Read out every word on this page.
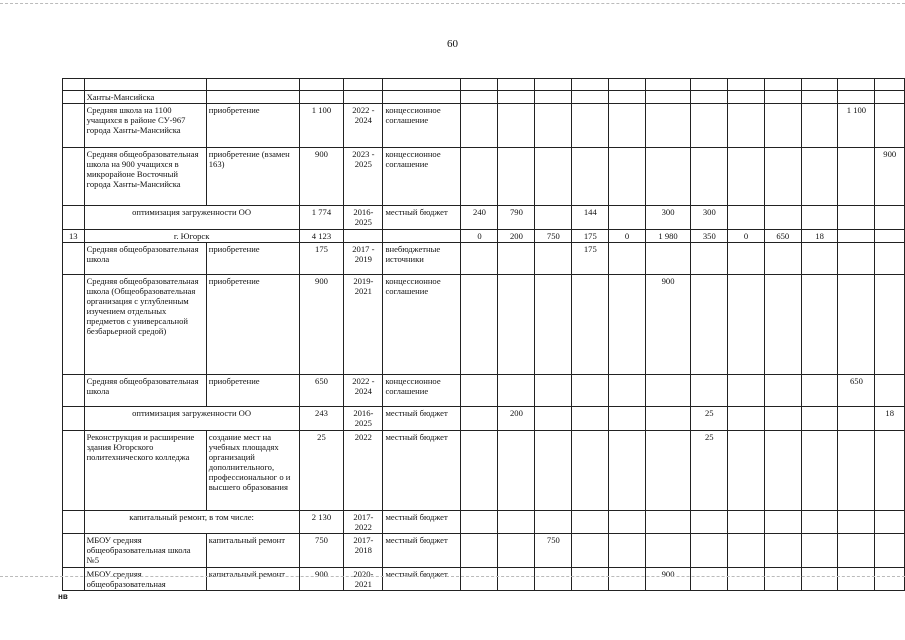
60

	Ханты-Мансийска																
	Средняя школа на 1100 учащихся в районе СУ-967 города Ханты-Мансийска	приобретение	1 100	2022 - 2024	концессионное соглашение											1 100	
	Средняя общеобразовательная школа на 900 учащихся в микрорайоне Восточный города Ханты-Мансийска	приобретение (взамен 163)	900	2023 - 2025	концессионное соглашение												900
	оптимизация загруженности ОО		1 774	2016-2025	местный бюджет	240	790		144		300	300					
13	г. Югорск		4 123			0	200	750	175	0	1 980	350	0	650	18		
	Средняя общеобразовательная школа	приобретение	175	2017 - 2019	внебюджетные источники				175								
	Средняя общеобразовательная школа (Общеобразовательная организация с углубленным изучением отдельных предметов с универсальной безбарьерной средой)	приобретение	900	2019-2021	концессионное соглашение						900						
	Средняя общеобразовательная школа	приобретение	650	2022 - 2024	концессионное соглашение											650	
	оптимизация загруженности ОО		243	2016-2025	местный бюджет		200					25					18
	Реконструкция и расширение здания Югорского политехнического колледжа	создание мест на учебных площадях организаций дополнительного, профессиональног о и высшего образования	25	2022	местный бюджет							25					
	капитальный ремонт, в том числе:		2 130	2017-2022	местный бюджет												
	МБОУ средняя общеобразовательная школа №5	капитальный ремонт	750	2017-2018	местный бюджет			750									
	МБОУ средняя общеобразовательная	капитальный ремонт	900	2020-2021	местный бюджет						900						
нв
